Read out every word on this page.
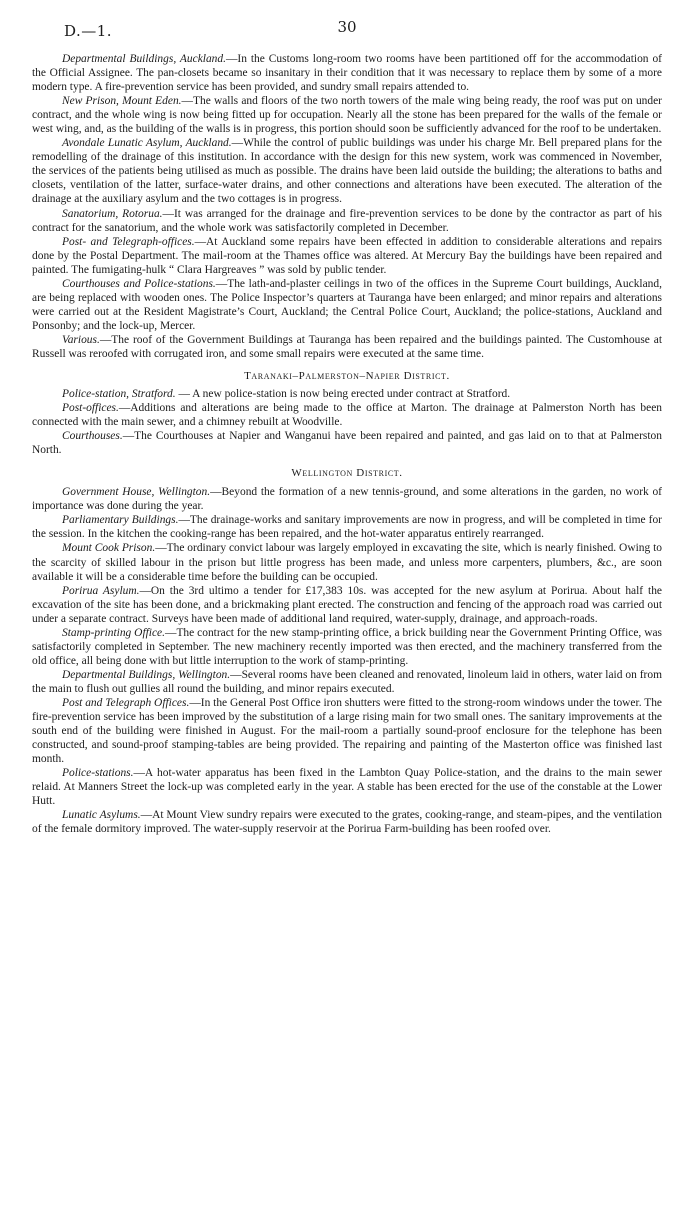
D.—1.	30

Departmental Buildings, Auckland.—In the Customs long-room two rooms have been partitioned off for the accommodation of the Official Assignee. The pan-closets became so insanitary in their condition that it was necessary to replace them by some of a more modern type. A fire-prevention service has been provided, and sundry small repairs attended to.

New Prison, Mount Eden.—The walls and floors of the two north towers of the male wing being ready, the roof was put on under contract, and the whole wing is now being fitted up for occupation. Nearly all the stone has been prepared for the walls of the female or west wing, and, as the building of the walls is in progress, this portion should soon be sufficiently advanced for the roof to be undertaken.

Avondale Lunatic Asylum, Auckland.—While the control of public buildings was under his charge Mr. Bell prepared plans for the remodelling of the drainage of this institution. In accordance with the design for this new system, work was commenced in November, the services of the patients being utilised as much as possible. The drains have been laid outside the building; the alterations to baths and closets, ventilation of the latter, surface-water drains, and other connections and alterations have been executed. The alteration of the drainage at the auxiliary asylum and the two cottages is in progress.

Sanatorium, Rotorua.—It was arranged for the drainage and fire-prevention services to be done by the contractor as part of his contract for the sanatorium, and the whole work was satisfactorily completed in December.

Post- and Telegraph-offices.—At Auckland some repairs have been effected in addition to considerable alterations and repairs done by the Postal Department. The mail-room at the Thames office was altered. At Mercury Bay the buildings have been repaired and painted. The fumigating-hulk “ Clara Hargreaves ” was sold by public tender.

Courthouses and Police-stations.—The lath-and-plaster ceilings in two of the offices in the Supreme Court buildings, Auckland, are being replaced with wooden ones. The Police Inspector’s quarters at Tauranga have been enlarged; and minor repairs and alterations were carried out at the Resident Magistrate’s Court, Auckland; the Central Police Court, Auckland; the police-stations, Auckland and Ponsonby; and the lock-up, Mercer.

Various.—The roof of the Government Buildings at Tauranga has been repaired and the buildings painted. The Customhouse at Russell was reroofed with corrugated iron, and some small repairs were executed at the same time.

Taranaki–Palmerston–Napier District.

Police-station, Stratford. — A new police-station is now being erected under contract at Stratford.

Post-offices.—Additions and alterations are being made to the office at Marton. The drainage at Palmerston North has been connected with the main sewer, and a chimney rebuilt at Woodville.

Courthouses.—The Courthouses at Napier and Wanganui have been repaired and painted, and gas laid on to that at Palmerston North.

Wellington District.

Government House, Wellington.—Beyond the formation of a new tennis-ground, and some alterations in the garden, no work of importance was done during the year.

Parliamentary Buildings.—The drainage-works and sanitary improvements are now in progress, and will be completed in time for the session. In the kitchen the cooking-range has been repaired, and the hot-water apparatus entirely rearranged.

Mount Cook Prison.—The ordinary convict labour was largely employed in excavating the site, which is nearly finished. Owing to the scarcity of skilled labour in the prison but little progress has been made, and unless more carpenters, plumbers, &c., are soon available it will be a considerable time before the building can be occupied.

Porirua Asylum.—On the 3rd ultimo a tender for £17,383 10s. was accepted for the new asylum at Porirua. About half the excavation of the site has been done, and a brickmaking plant erected. The construction and fencing of the approach road was carried out under a separate contract. Surveys have been made of additional land required, water-supply, drainage, and approach-roads.

Stamp-printing Office.—The contract for the new stamp-printing office, a brick building near the Government Printing Office, was satisfactorily completed in September. The new machinery recently imported was then erected, and the machinery transferred from the old office, all being done with but little interruption to the work of stamp-printing.

Departmental Buildings, Wellington.—Several rooms have been cleaned and renovated, linoleum laid in others, water laid on from the main to flush out gullies all round the building, and minor repairs executed.

Post and Telegraph Offices.—In the General Post Office iron shutters were fitted to the strong-room windows under the tower. The fire-prevention service has been improved by the substitution of a large rising main for two small ones. The sanitary improvements at the south end of the building were finished in August. For the mail-room a partially sound-proof enclosure for the telephone has been constructed, and sound-proof stamping-tables are being provided. The repairing and painting of the Masterton office was finished last month.

Police-stations.—A hot-water apparatus has been fixed in the Lambton Quay Police-station, and the drains to the main sewer relaid. At Manners Street the lock-up was completed early in the year. A stable has been erected for the use of the constable at the Lower Hutt.

Lunatic Asylums.—At Mount View sundry repairs were executed to the grates, cooking-range, and steam-pipes, and the ventilation of the female dormitory improved. The water-supply reservoir at the Porirua Farm-building has been roofed over.
